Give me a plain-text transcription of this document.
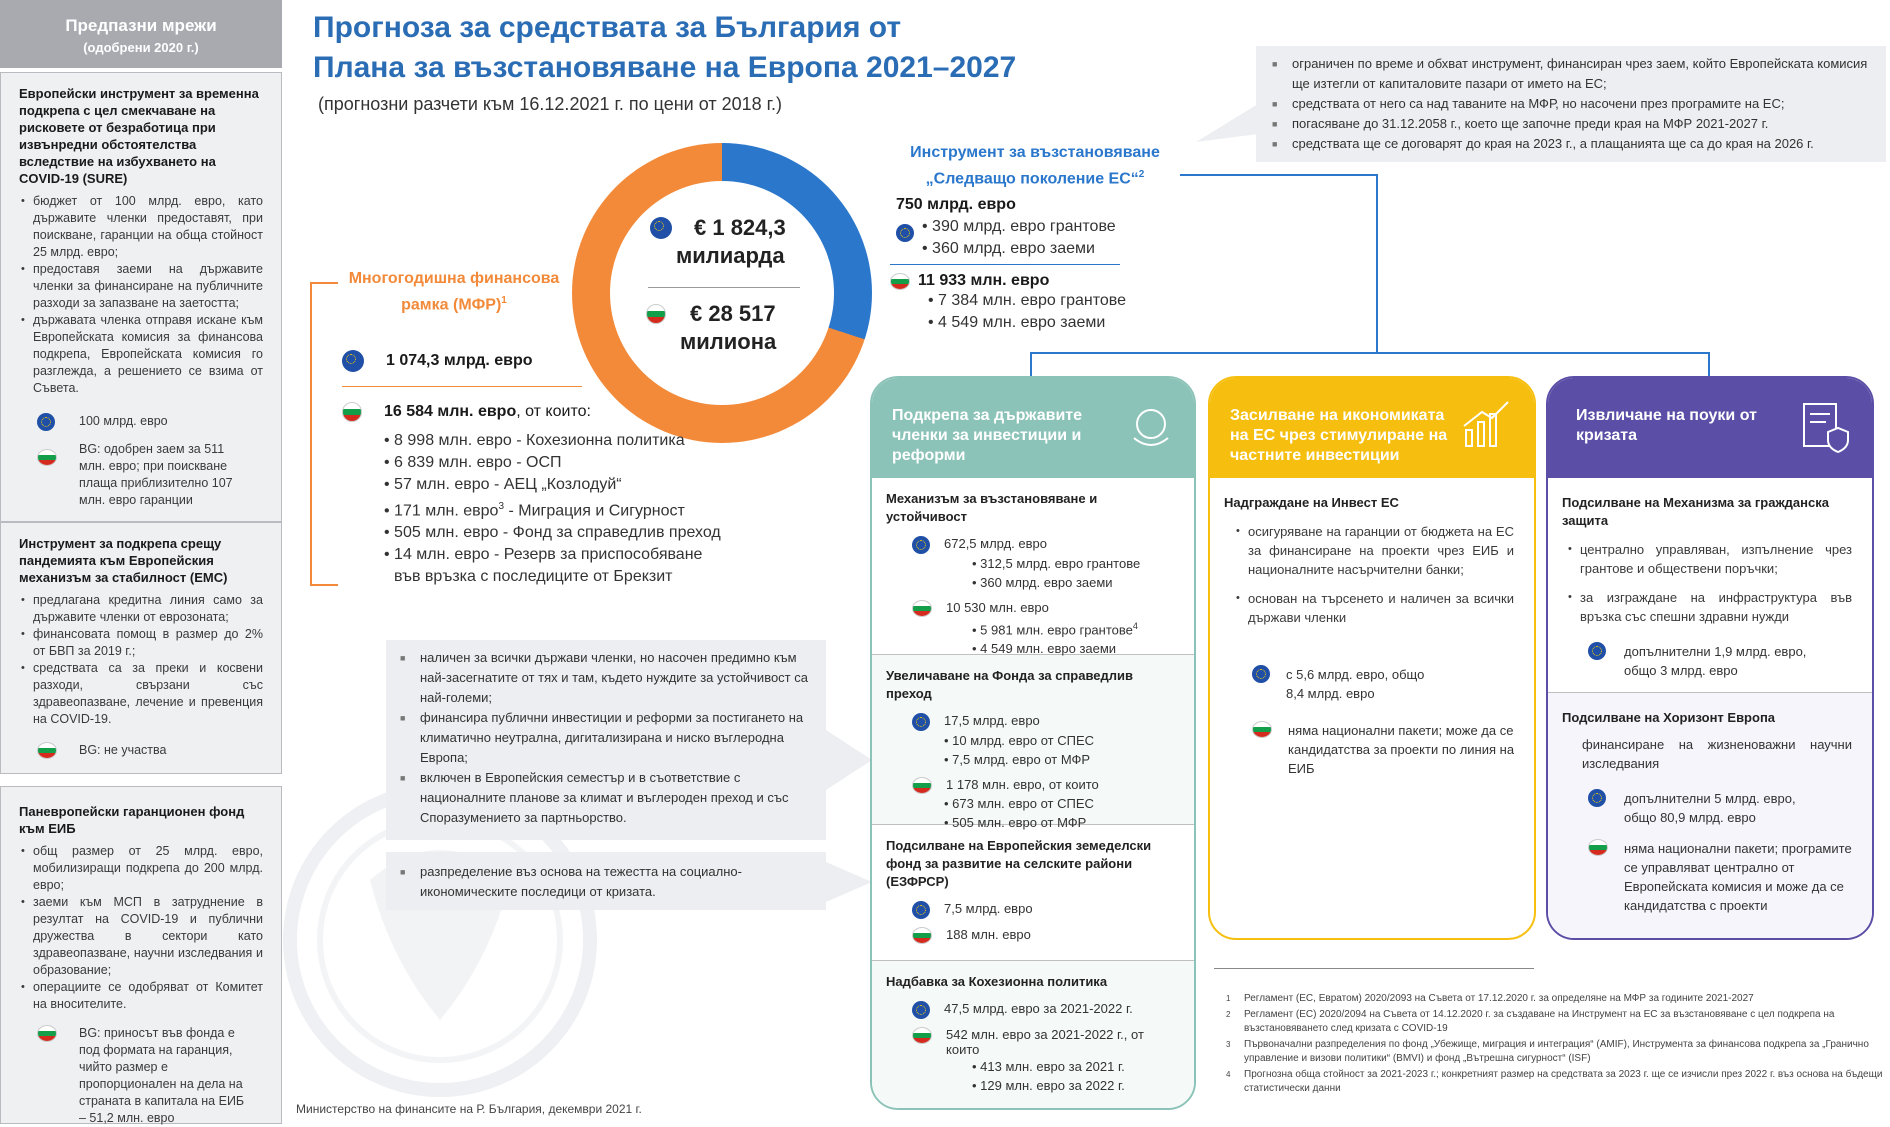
Предпазни мрежи
(одобрени 2020 г.)
Европейски инструмент за временна подкрепа с цел смекчаване на рисковете от безработица при извънредни обстоятелства вследствие на избухването на COVID-19 (SURE)
• бюджет от 100 млрд. евро, като държавите членки предоставят, при поискване, гаранции на обща стойност 25 млрд. евро;
• предоставя заеми на държавите членки за финансиране на публичните разходи за запазване на заетостта;
• държавата членка отправя искане към Европейската комисия за финансова подкрепа, Европейската комисия го разглежда, а решението се взима от Съвета.
100 млрд. евро
BG: одобрен заем за 511 млн. евро; при поискване плаща приблизително 107 млн. евро гаранции
Инструмент за подкрепа срещу пандемията към Европейския механизъм за стабилност (ЕМС)
• предлагана кредитна линия само за държавите членки от еврозоната;
• финансовата помощ в размер до 2% от БВП за 2019 г.;
• средствата са за преки и косвени разходи, свързани със здравеопазване, лечение и превенция на COVID-19.
BG: не участва
Паневропейски гаранционен фонд към ЕИБ
• общ размер от 25 млрд. евро, мобилизиращи подкрепа до 200 млрд. евро;
• заеми към МСП в затруднение в резултат на COVID-19 и публични дружества в сектори като здравеопазване, научни изследвания и образование;
• операциите се одобряват от Комитет на вносителите.
BG: приносът във фонда е под формата на гаранция, чийто размер е пропорционален на дела на страната в капитала на ЕИБ – 51,2 млн. евро
Прогноза за средствата за България от
Плана за възстановяване на Европа 2021–2027
(прогнозни разчети към 16.12.2021 г. по цени от 2018 г.)
■ ограничен по време и обхват инструмент, финансиран чрез заем, който Европейската комисия ще изтегли от капиталовите пазари от името на ЕС;
■ средствата от него са над таваните на МФР, но насочени през програмите на ЕС;
■ погасяване до 31.12.2058 г., което ще започне преди края на МФР 2021-2027 г.
■ средствата ще се договарят до края на 2023 г., а плащанията ще са до края на 2026 г.
€ 1 824,3
милиарда
€ 28 517
милиона
Инструмент за възстановяване
„Следващо поколение ЕС“$^2$
750 млрд. евро
• 390 млрд. евро грантове
• 360 млрд. евро заеми
11 933 млн. евро
• 7 384 млн. евро грантове
• 4 549 млн. евро заеми
Многогодишна финансова
рамка (МФР)$^1$
1 074,3 млрд. евро
16 584 млн. евро , от които:
• 8 998 млн. евро - Кохезионна политика
• 6 839 млн. евро - ОСП
• 57 млн. евро - АЕЦ „Козлодуй“
• 171 млн. евро$^3$ - Миграция и Сигурност
• 505 млн. евро - Фонд за справедлив преход
• 14 млн. евро - Резерв за приспособяване
във връзка с последиците от Брекзит
■ наличен за всички държави членки, но насочен предимно към най-засегнатите от тях и там, където нуждите за устойчивост са най-големи;
■ финансира публични инвестиции и реформи за постигането на климатично неутрална, дигитализирана и ниско въглеродна Европа;
■ включен в Европейския семестър и в съответствие с националните планове за климат и въглероден преход и със Споразумението за партньорство.
■ разпределение въз основа на тежестта на социално-икономическите последици от кризата.
Подкрепа за държавите членки за инвестиции и реформи
Механизъм за възстановяване и устойчивост
672,5 млрд. евро
• 312,5 млрд. евро грантове
• 360 млрд. евро заеми
10 530 млн. евро
• 5 981 млн. евро грантове$^4$
• 4 549 млн. евро заеми
Увеличаване на Фонда за справедлив преход
17,5 млрд. евро
• 10 млрд. евро от СПЕС
• 7,5 млрд. евро от МФР
1 178 млн. евро, от които
• 673 млн. евро от СПЕС
• 505 млн. евро от МФР
Подсилване на Европейския земеделски фонд за развитие на селските райони (ЕЗФРСР)
7,5 млрд. евро
188 млн. евро
Надбавка за Кохезионна политика
47,5 млрд. евро за 2021-2022 г.
542 млн. евро за 2021-2022 г., от които
• 413 млн. евро за 2021 г.
• 129 млн. евро за 2022 г.
Засилване на икономиката на ЕС чрез стимулиране на частните инвестиции
Надграждане на Инвест ЕС
• осигуряване на гаранции от бюджета на ЕС за финансиране на проекти чрез ЕИБ и националните насърчителни банки;
• основан на търсенето и наличен за всички държави членки
с 5,6 млрд. евро, общо 8,4 млрд. евро
няма национални пакети; може да се кандидатства за проекти по линия на ЕИБ
Извличане на поуки от кризата
Подсилване на Механизма за гражданска защита
• централно управляван, изпълнение чрез грантове и обществени поръчки;
• за изграждане на инфраструктура във връзка със спешни здравни нужди
допълнителни 1,9 млрд. евро, общо 3 млрд. евро
Подсилване на Хоризонт Европа
финансиране на жизненоважни научни изследвания
допълнителни 5 млрд. евро, общо 80,9 млрд. евро
няма национални пакети; програмите се управляват централно от Европейската комисия и може да се кандидатства с проекти
1	Регламент (ЕС, Евратом) 2020/2093 на Съвета от 17.12.2020 г. за определяне на МФР за годините 2021-2027
2	Регламент (ЕС) 2020/2094 на Съвета от 14.12.2020 г. за създаване на Инструмент на ЕС за възстановяване с цел подкрепа на възстановяването след кризата с COVID-19
3	Първоначални разпределения по фонд „Убежище, миграция и интеграция“ (AMIF), Инструмента за финансова подкрепа за „Гранично управление и визови политики“ (BMVI) и фонд „Вътрешна сигурност“ (ISF)
4	Прогнозна обща стойност за 2021-2023 г.; конкретният размер на средствата за 2023 г. ще се изчисли през 2022 г. въз основа на бъдещи статистически данни
Министерство на финансите на Р. България, декември 2021 г.
